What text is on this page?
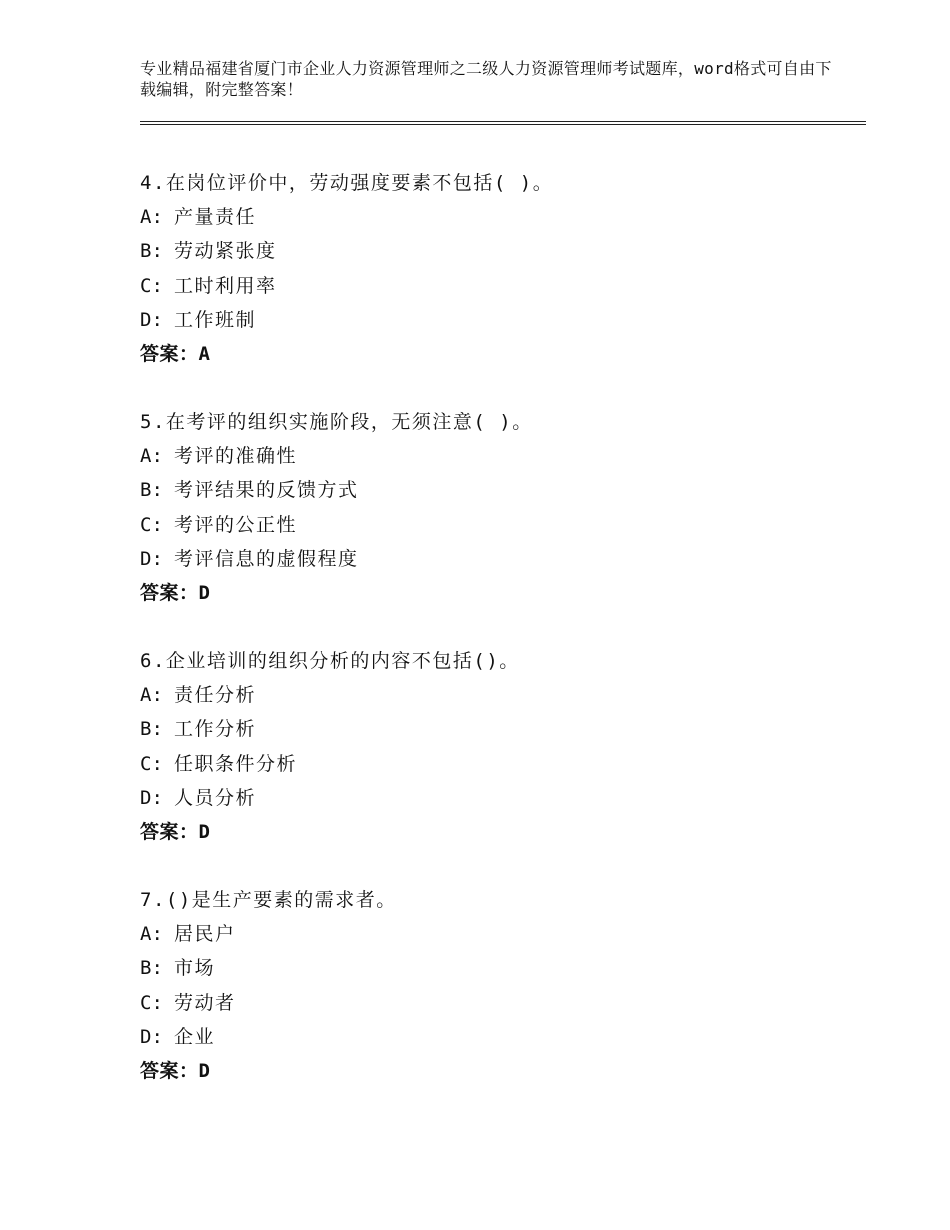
专业精品福建省厦门市企业人力资源管理师之二级人力资源管理师考试题库，word格式可自由下载编辑，附完整答案！
4.在岗位评价中，劳动强度要素不包括( )。
A: 产量责任
B: 劳动紧张度
C: 工时利用率
D: 工作班制
答案：A
5.在考评的组织实施阶段，无须注意( )。
A: 考评的准确性
B: 考评结果的反馈方式
C: 考评的公正性
D: 考评信息的虚假程度
答案：D
6.企业培训的组织分析的内容不包括()。
A: 责任分析
B: 工作分析
C: 任职条件分析
D: 人员分析
答案：D
7.()是生产要素的需求者。
A: 居民户
B: 市场
C: 劳动者
D: 企业
答案：D
